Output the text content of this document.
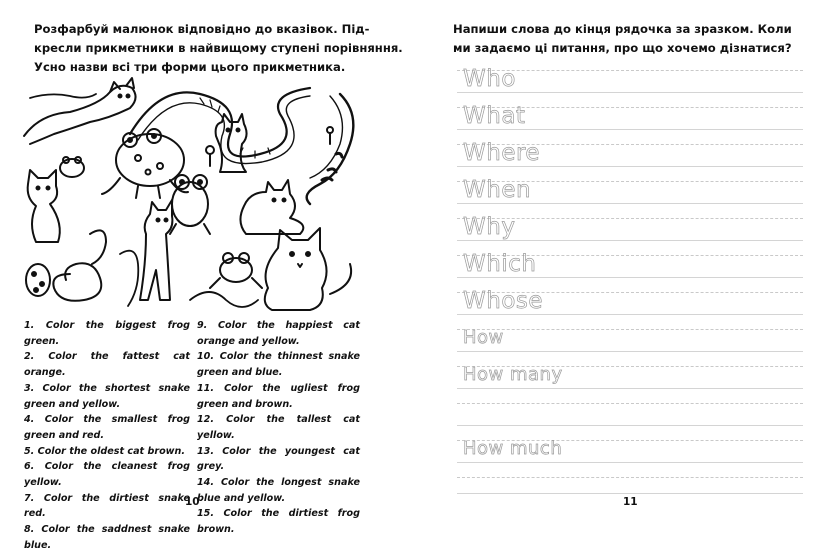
Розфарбуй малюнок відповідно до вказівок. Під-
кресли прикметники в найвищому ступені порівняння.
Усно назви всі три форми цього прикметника.
1. Color the biggest frog green.
2. Color the fattest cat orange.
3. Color the shortest snake green and yellow.
4. Color the smallest frog green and red.
5. Color the oldest cat brown.
6. Color the cleanest frog yellow.
7. Color the dirtiest snake red.
8. Color the saddnest snake blue.
9. Color the happiest cat orange and yellow.
10. Color the thinnest snake green and blue.
11. Color the ugliest frog green and brown.
12. Color the tallest cat yellow.
13. Color the youngest cat grey.
14. Color the longest snake blue and yellow.
15. Color the dirtiest frog brown.
10
Напиши слова до кінця рядочка за зразком. Коли
ми задаємо ці питання, про що хочемо дізнатися?
Who
What
Where
When
Why
Which
Whose
How
How many
How much
11
